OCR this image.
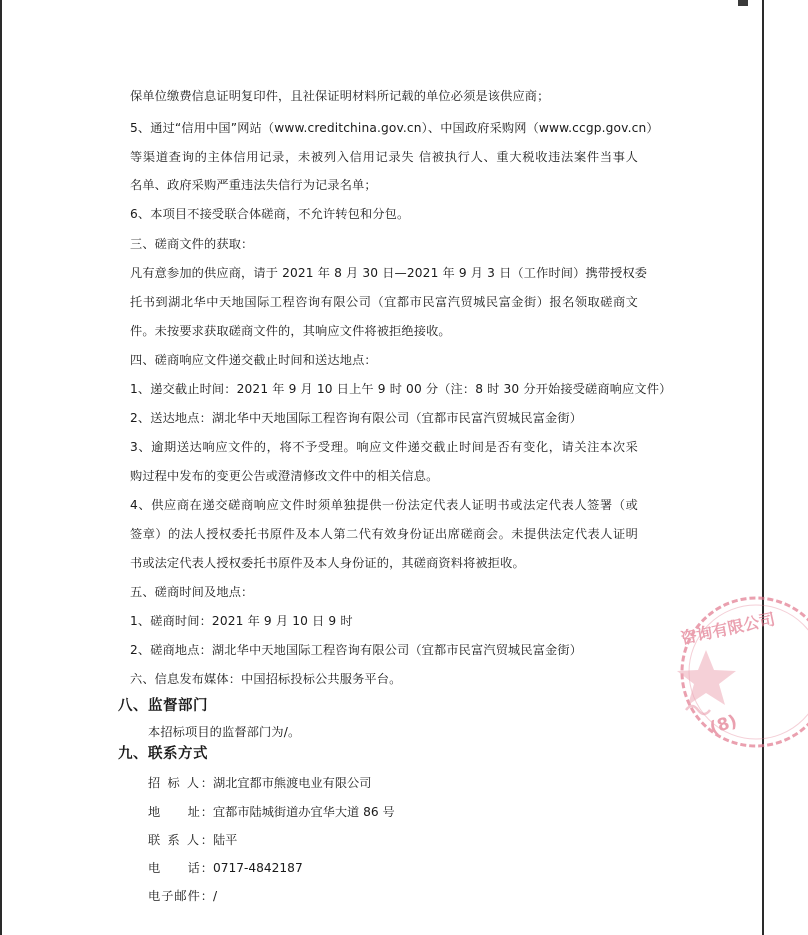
保单位缴费信息证明复印件，且社保证明材料所记载的单位必须是该供应商；
5、通过“信用中国”网站（www.creditchina.gov.cn）、中国政府采购网（www.ccgp.gov.cn）
等渠道查询的主体信用记录，未被列入信用记录失 信被执行人、重大税收违法案件当事人
名单、政府采购严重违法失信行为记录名单；
6、本项目不接受联合体磋商，不允许转包和分包。
三、磋商文件的获取：
凡有意参加的供应商，请于 2021 年 8 月 30 日—2021 年 9 月 3 日（工作时间）携带授权委
托书到湖北华中天地国际工程咨询有限公司（宜都市民富汽贸城民富金街）报名领取磋商文
件。未按要求获取磋商文件的，其响应文件将被拒绝接收。
四、磋商响应文件递交截止时间和送达地点：
1、递交截止时间：2021 年 9 月 10 日上午 9 时 00 分（注：8 时 30 分开始接受磋商响应文件）
2、送达地点：湖北华中天地国际工程咨询有限公司（宜都市民富汽贸城民富金街）
3、逾期送达响应文件的，将不予受理。响应文件递交截止时间是否有变化，请关注本次采
购过程中发布的变更公告或澄清修改文件中的相关信息。
4、供应商在递交磋商响应文件时须单独提供一份法定代表人证明书或法定代表人签署（或
签章）的法人授权委托书原件及本人第二代有效身份证出席磋商会。未提供法定代表人证明
书或法定代表人授权委托书原件及本人身份证的，其磋商资料将被拒收。
五、磋商时间及地点：
1、磋商时间：2021 年 9 月 10 日 9 时
2、磋商地点：湖北华中天地国际工程咨询有限公司（宜都市民富汽贸城民富金街）
六、信息发布媒体：中国招标投标公共服务平台。
八、监督部门
本招标项目的监督部门为/。
九、联系方式
招 标 人：湖北宜都市熊渡电业有限公司
地　　址：宜都市陆城街道办宜华大道 86 号
联 系 人：陆平
电　　话：0717-4842187
电子邮件：/
咨询有限公司
(8)
